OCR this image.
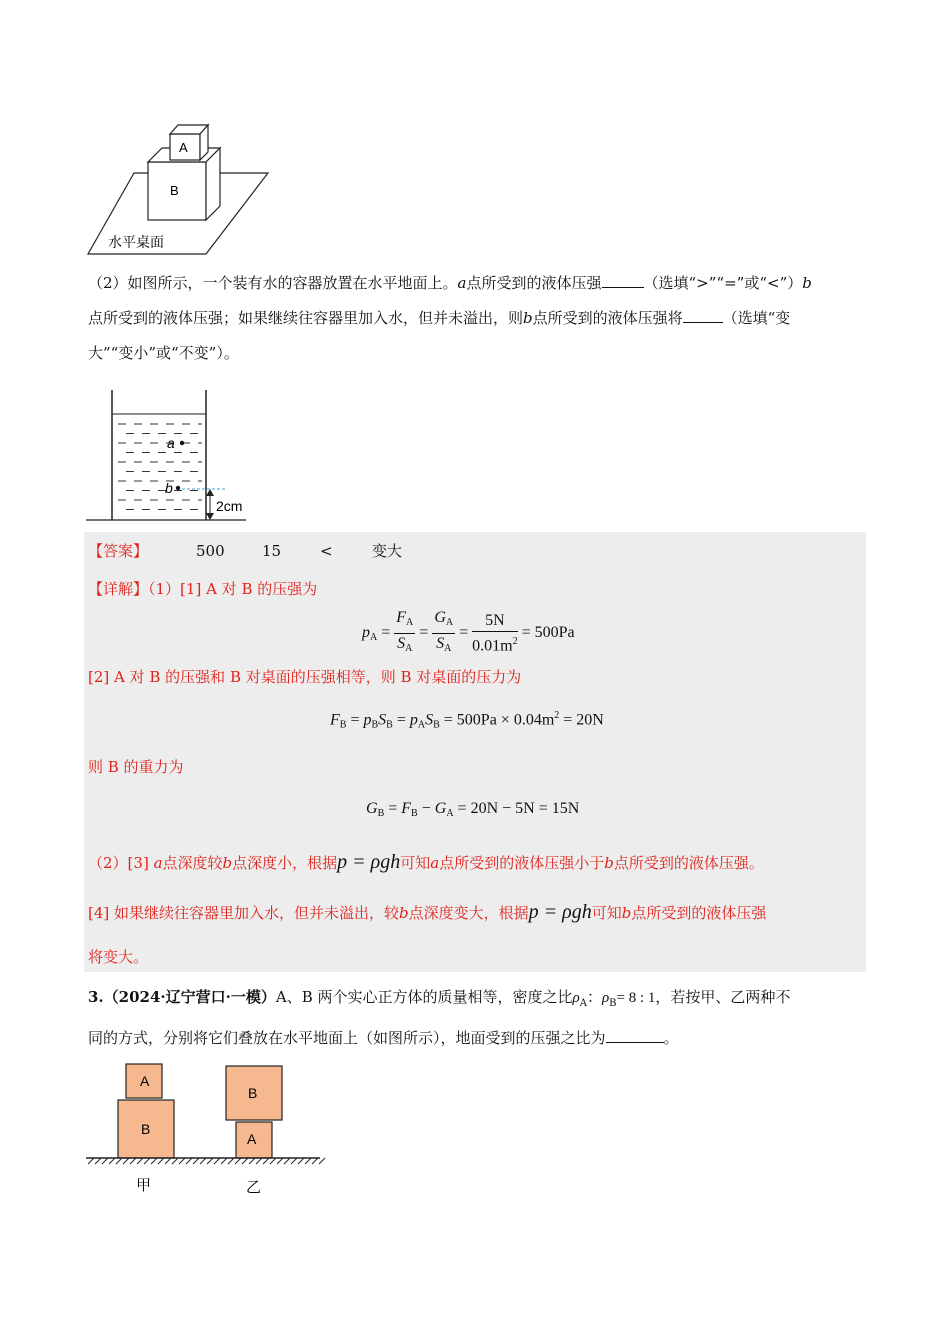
A
B
水平桌面
（2）如图所示，一个装有水的容器放置在水平地面上。a点所受到的液体压强	（选填“>”“=”或“<”）b
点所受到的液体压强；如果继续往容器里加入水，但并未溢出，则b点所受到的液体压强将	（选填“变
大”“变小”或“不变”）。
a
b
2cm
【答案】	500 15	<	变大
【详解】（1）[1] A 对 B 的压强为
$p_A = \frac{F_A}{S_A} = \frac{G_A}{S_A} = \frac{5N}{0.01m^2} = 500Pa$
[2] A 对 B 的压强和 B 对桌面的压强相等，则 B 对桌面的压力为
$F_B = p_BS_B = p_AS_B = 500Pa \times 0.04m^2 = 20N$
则 B 的重力为
$G_B = F_B - G_A = 20N - 5N = 15N$
（2）[3] a点深度较b点深度小，根据p = ρgh可知a点所受到的液体压强小于b点所受到的液体压强。
[4] 如果继续往容器里加入水，但并未溢出，较b点深度变大，根据p = ρgh可知b点所受到的液体压强
将变大。
3.（2024·辽宁营口·一模）A、B 两个实心正方体的质量相等，密度之比$\rho_A$：$\rho_B= 8$ : 1，若按甲、乙两种不
同的方式，分别将它们叠放在水平地面上（如图所示），地面受到的压强之比为	。
A
B
B
A
甲	乙
